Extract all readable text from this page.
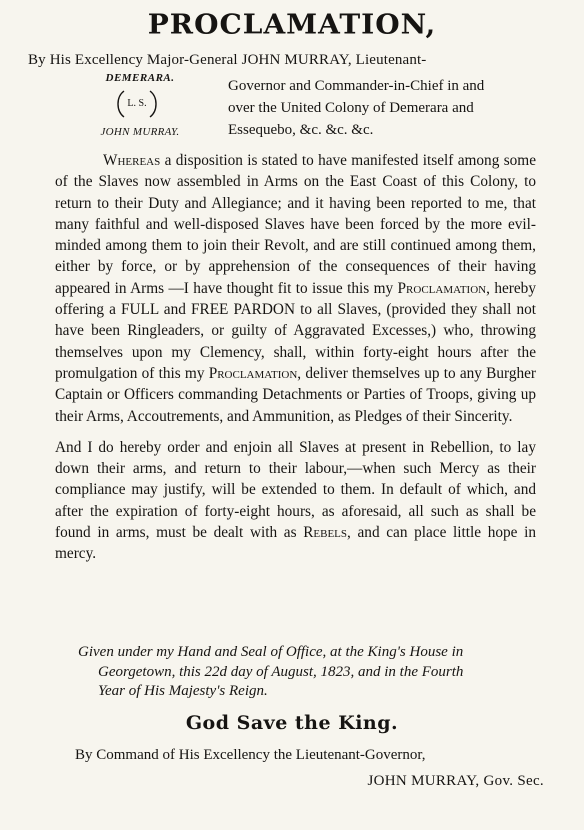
PROCLAMATION,
By His Excellency Major-General JOHN MURRAY, Lieutenant-
DEMERARA.
L. S.
JOHN MURRAY.
Governor and Commander-in-Chief in and
over the United Colony of Demerara and
Essequebo, &c. &c. &c.

Whereas a disposition is stated to have manifested itself among some of the Slaves now assembled in Arms on the East Coast of this Colony, to return to their Duty and Allegiance; and it having been reported to me, that many faithful and well-disposed Slaves have been forced by the more evil-minded among them to join their Revolt, and are still continued among them, either by force, or by apprehension of the consequences of their having appeared in Arms —I have thought fit to issue this my Proclamation, hereby offering a FULL and FREE PARDON to all Slaves, (provided they shall not have been Ringleaders, or guilty of Aggravated Excesses,) who, throwing themselves upon my Clemency, shall, within forty-eight hours after the promulgation of this my Proclamation, deliver themselves up to any Burgher Captain or Officers commanding Detachments or Parties of Troops, giving up their Arms, Accoutrements, and Ammunition, as Pledges of their Sincerity.

And I do hereby order and enjoin all Slaves at present in Rebellion, to lay down their arms, and return to their labour,—when such Mercy as their compliance may justify, will be extended to them. In default of which, and after the expiration of forty-eight hours, as aforesaid, all such as shall be found in arms, must be dealt with as Rebels, and can place little hope in mercy.

Given under my Hand and Seal of Office, at the King's House in
Georgetown, this 22d day of August, 1823, and in the Fourth
Year of His Majesty's Reign.
God Save the King.
By Command of His Excellency the Lieutenant-Governor,
JOHN MURRAY, Gov. Sec.
